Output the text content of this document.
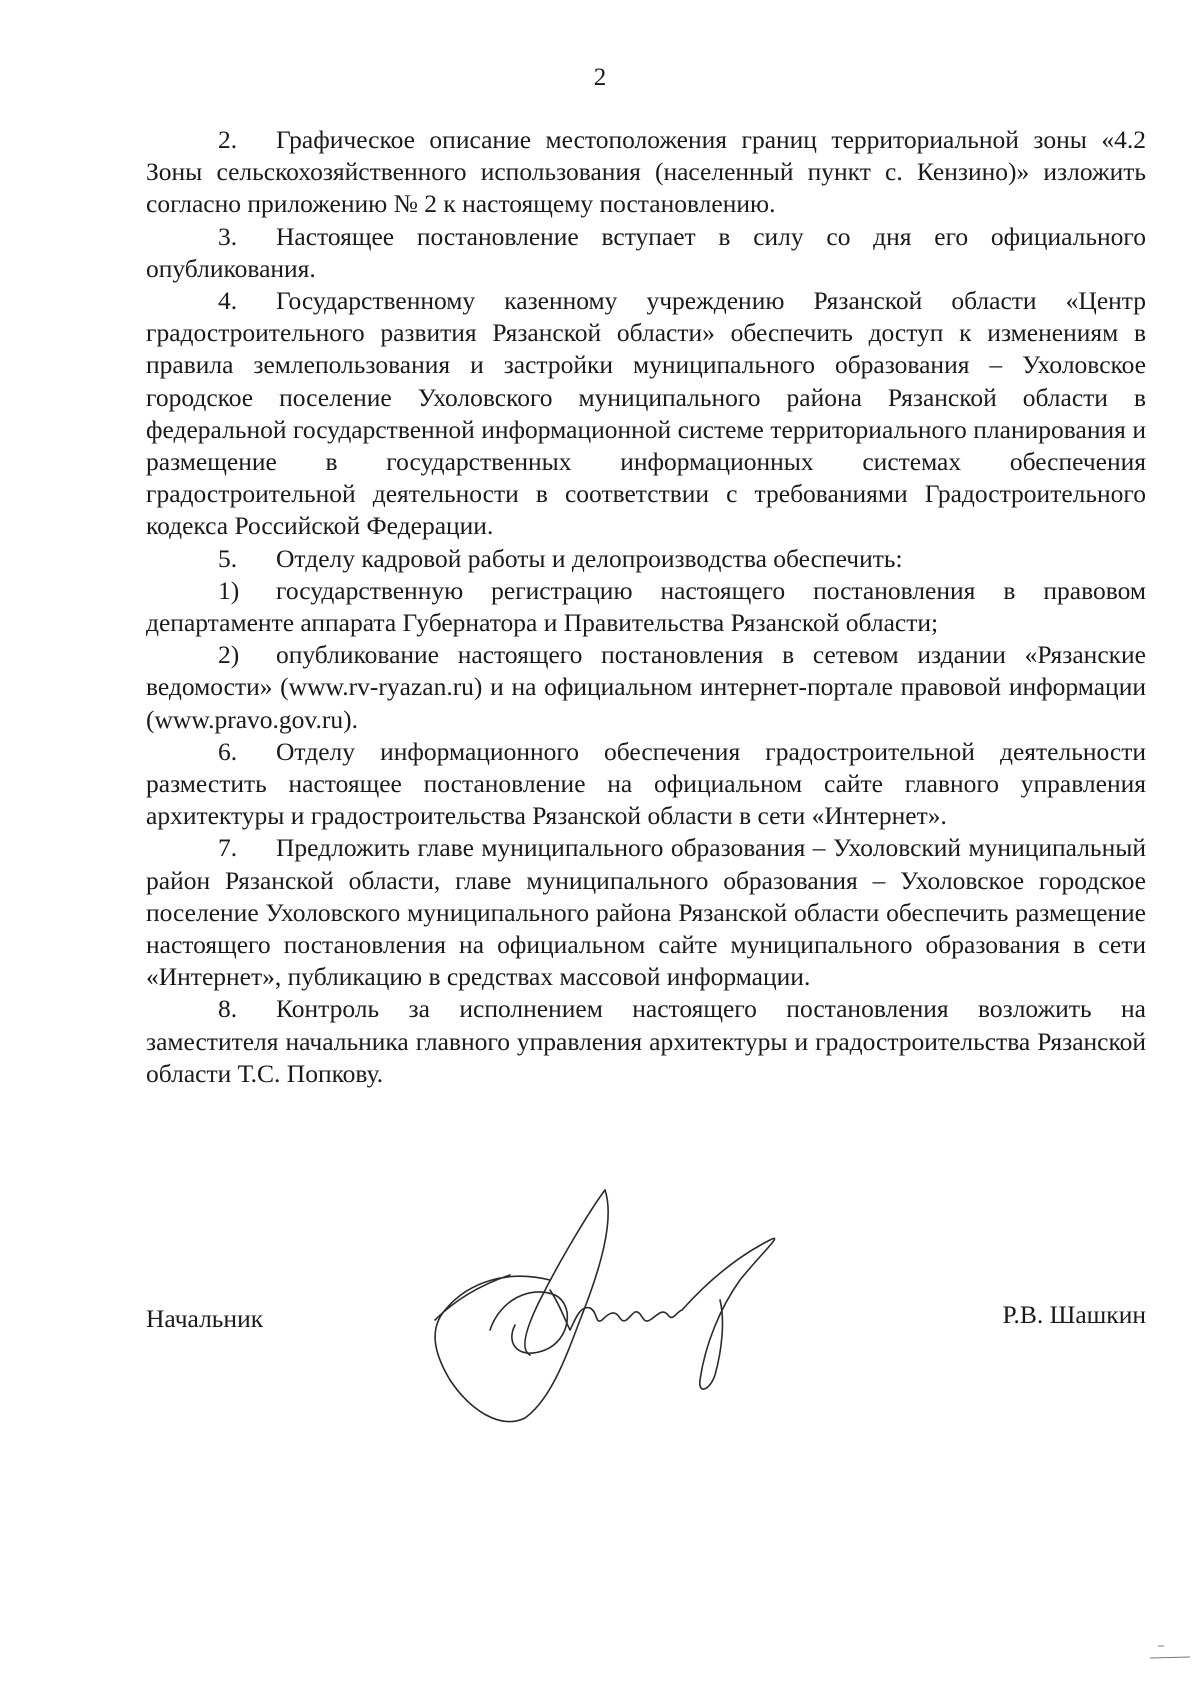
2

2. Графическое описание местоположения границ территориальной зоны «4.2 Зоны сельскохозяйственного использования (населенный пункт с. Кензино)» изложить согласно приложению № 2 к настоящему постановлению.

3. Настоящее постановление вступает в силу со дня его официального опубликования.

4. Государственному казенному учреждению Рязанской области «Центр градостроительного развития Рязанской области» обеспечить доступ к изменениям в правила землепользования и застройки муниципального образования – Ухоловское городское поселение Ухоловского муниципального района Рязанской области в федеральной государственной информационной системе территориального планирования и размещение в государственных информационных системах обеспечения градостроительной деятельности в соответствии с требованиями Градостроительного кодекса Российской Федерации.

5. Отделу кадровой работы и делопроизводства обеспечить:

1) государственную регистрацию настоящего постановления в правовом департаменте аппарата Губернатора и Правительства Рязанской области;

2) опубликование настоящего постановления в сетевом издании «Рязанские ведомости» (www.rv-ryazan.ru) и на официальном интернет-портале правовой информации (www.pravo.gov.ru).

6. Отделу информационного обеспечения градостроительной деятельности разместить настоящее постановление на официальном сайте главного управления архитектуры и градостроительства Рязанской области в сети «Интернет».

7. Предложить главе муниципального образования – Ухоловский муниципальный район Рязанской области, главе муниципального образования – Ухоловское городское поселение Ухоловского муниципального района Рязанской области обеспечить размещение настоящего постановления на официальном сайте муниципального образования в сети «Интернет», публикацию в средствах массовой информации.

8. Контроль за исполнением настоящего постановления возложить на заместителя начальника главного управления архитектуры и градостроительства Рязанской области Т.С. Попкову.

Начальник	Р.В. Шашкин
